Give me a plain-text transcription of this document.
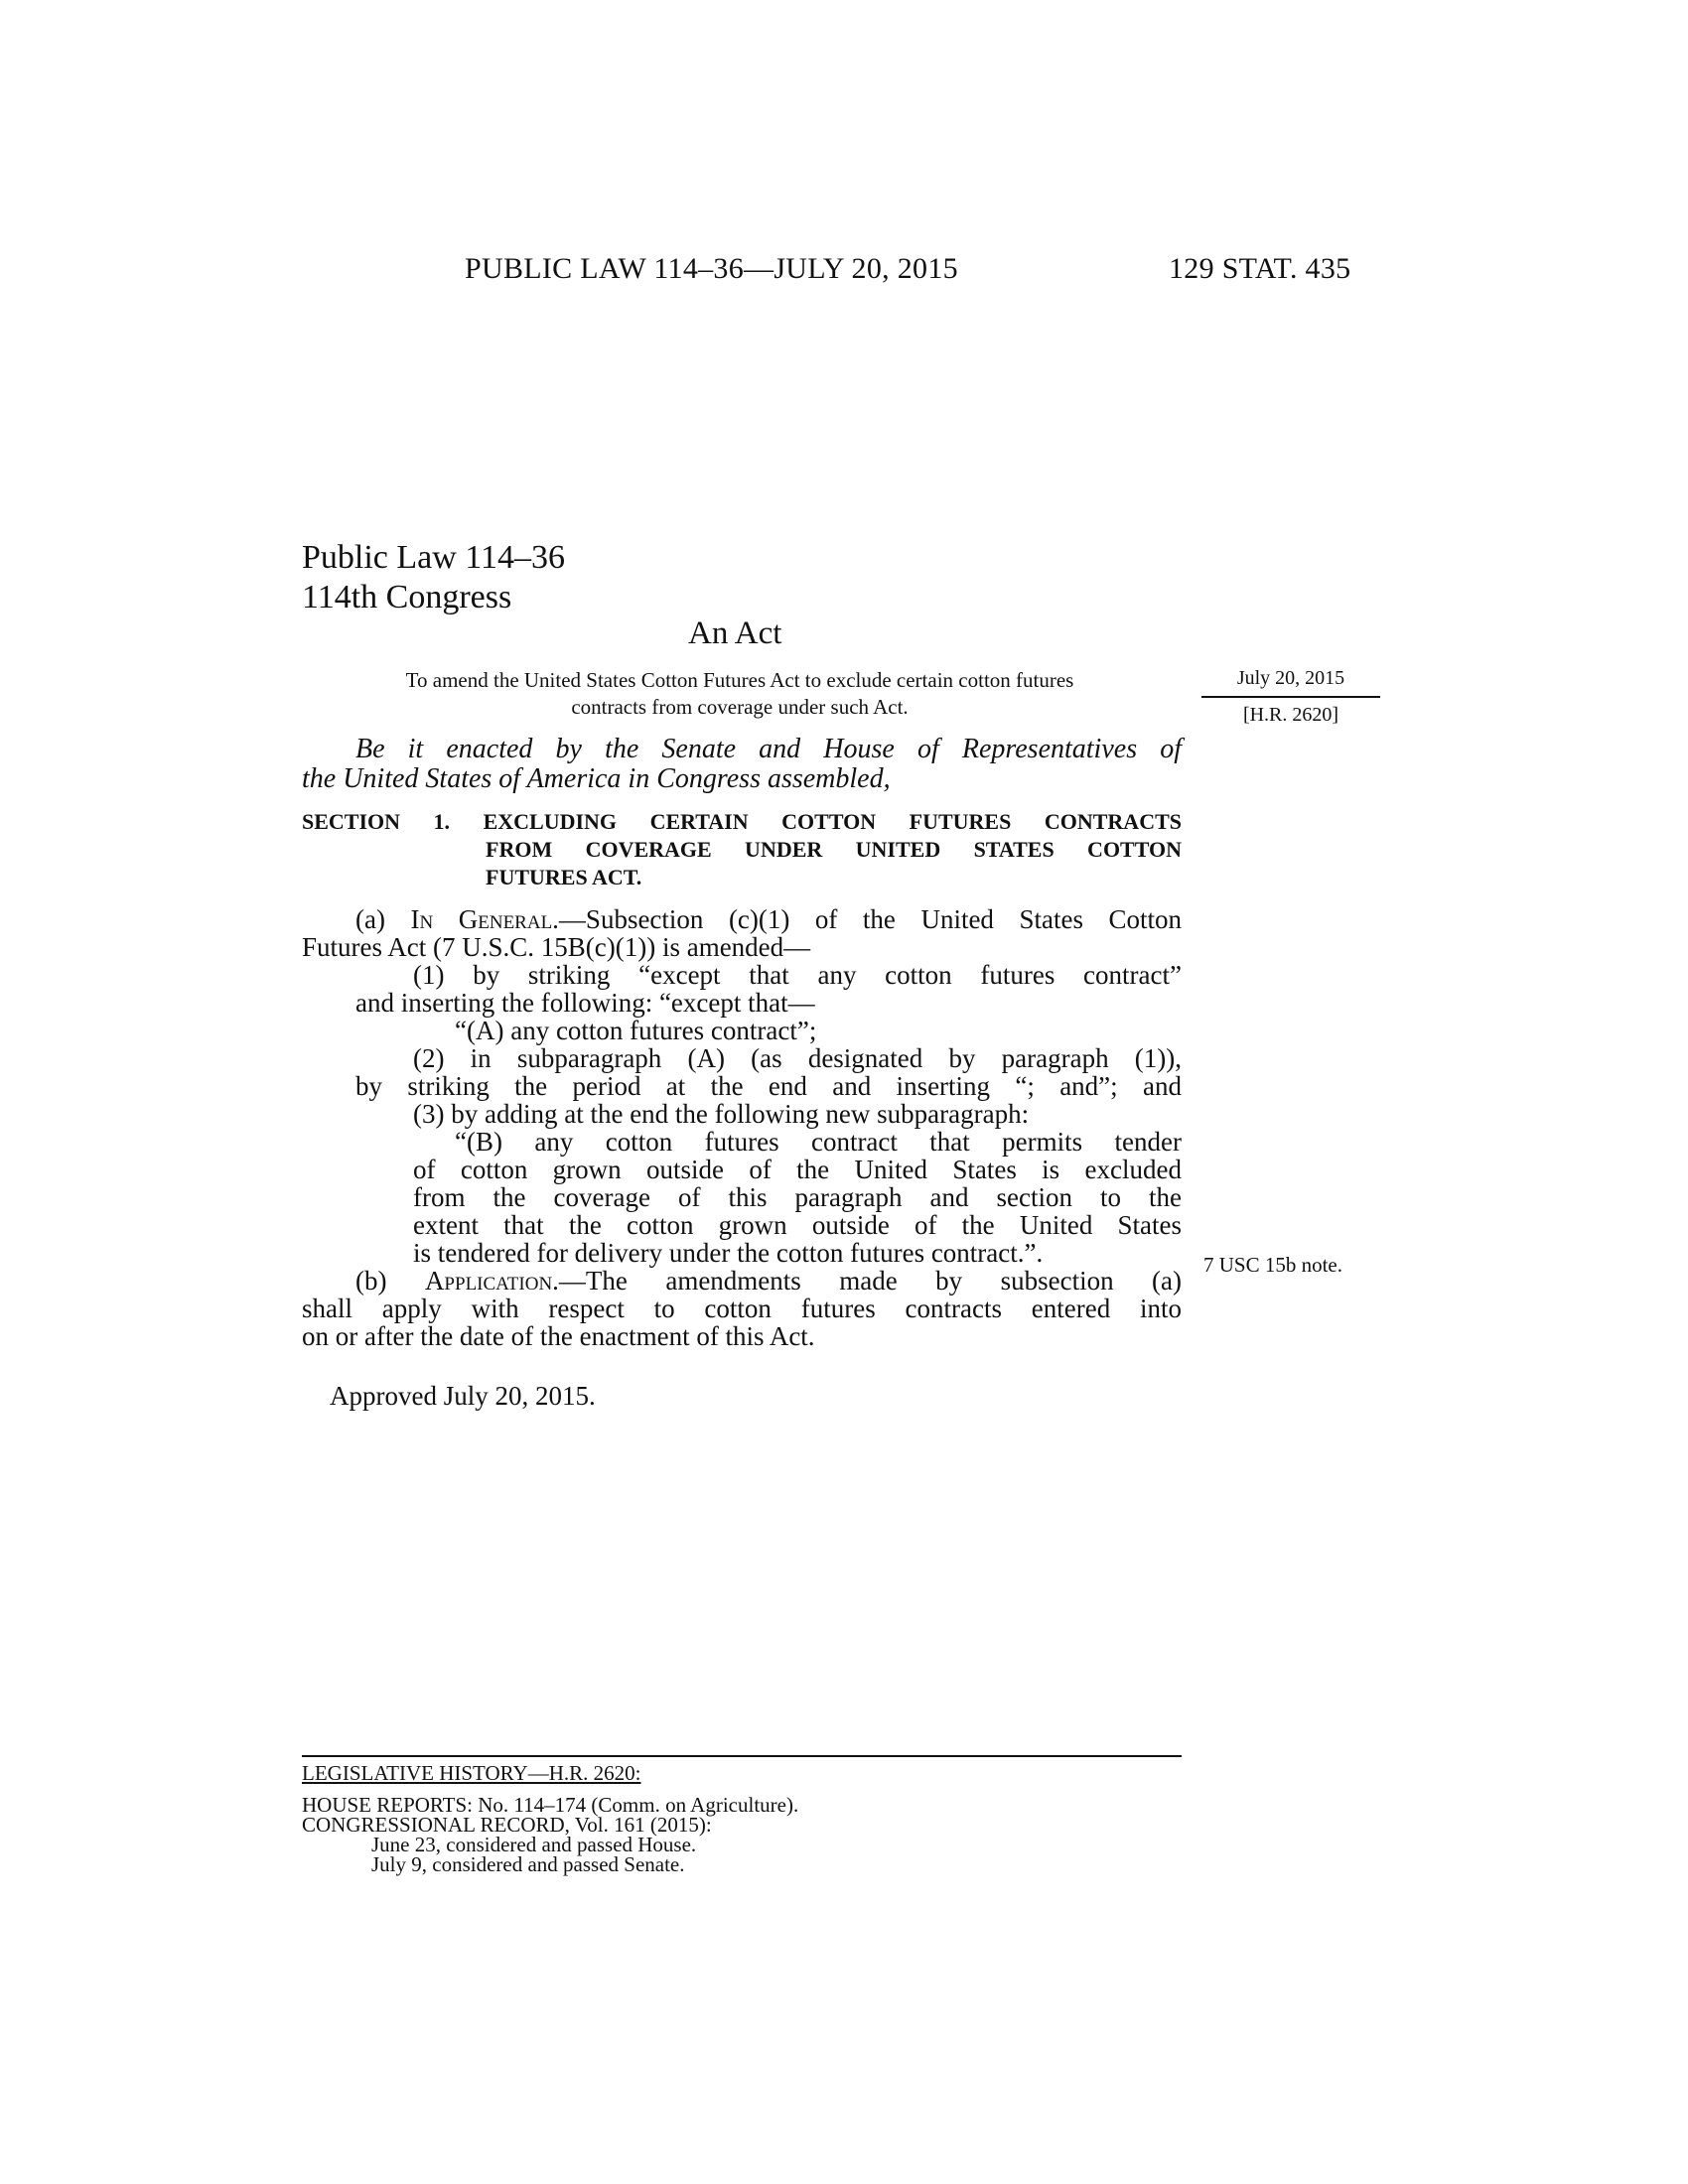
PUBLIC LAW 114–36—JULY 20, 2015	129 STAT. 435
Public Law 114–36
114th Congress
An Act
To amend the United States Cotton Futures Act to exclude certain cotton futures
contracts from coverage under such Act.
July 20, 2015
[H.R. 2620]

Be it enacted by the Senate and House of Representatives of

the United States of America in Congress assembled,

SECTION 1. EXCLUDING CERTAIN COTTON FUTURES CONTRACTS
FROM COVERAGE UNDER UNITED STATES COTTON
FUTURES ACT.

(a) In General.—Subsection (c)(1) of the United States Cotton

Futures Act (7 U.S.C. 15B(c)(1)) is amended—

(1) by striking “except that any cotton futures contract”

and inserting the following: “except that—

“(A) any cotton futures contract”;

(2) in subparagraph (A) (as designated by paragraph (1)),

by striking the period at the end and inserting “; and”; and

(3) by adding at the end the following new subparagraph:

“(B) any cotton futures contract that permits tender

of cotton grown outside of the United States is excluded

from the coverage of this paragraph and section to the

extent that the cotton grown outside of the United States

is tendered for delivery under the cotton futures contract.”.

(b) Application.—The amendments made by subsection (a)

shall apply with respect to cotton futures contracts entered into

on or after the date of the enactment of this Act.

Approved July 20, 2015.

7 USC 15b note.

LEGISLATIVE HISTORY—H.R. 2620:

HOUSE REPORTS: No. 114–174 (Comm. on Agriculture).

CONGRESSIONAL RECORD, Vol. 161 (2015):

June 23, considered and passed House.

July 9, considered and passed Senate.
